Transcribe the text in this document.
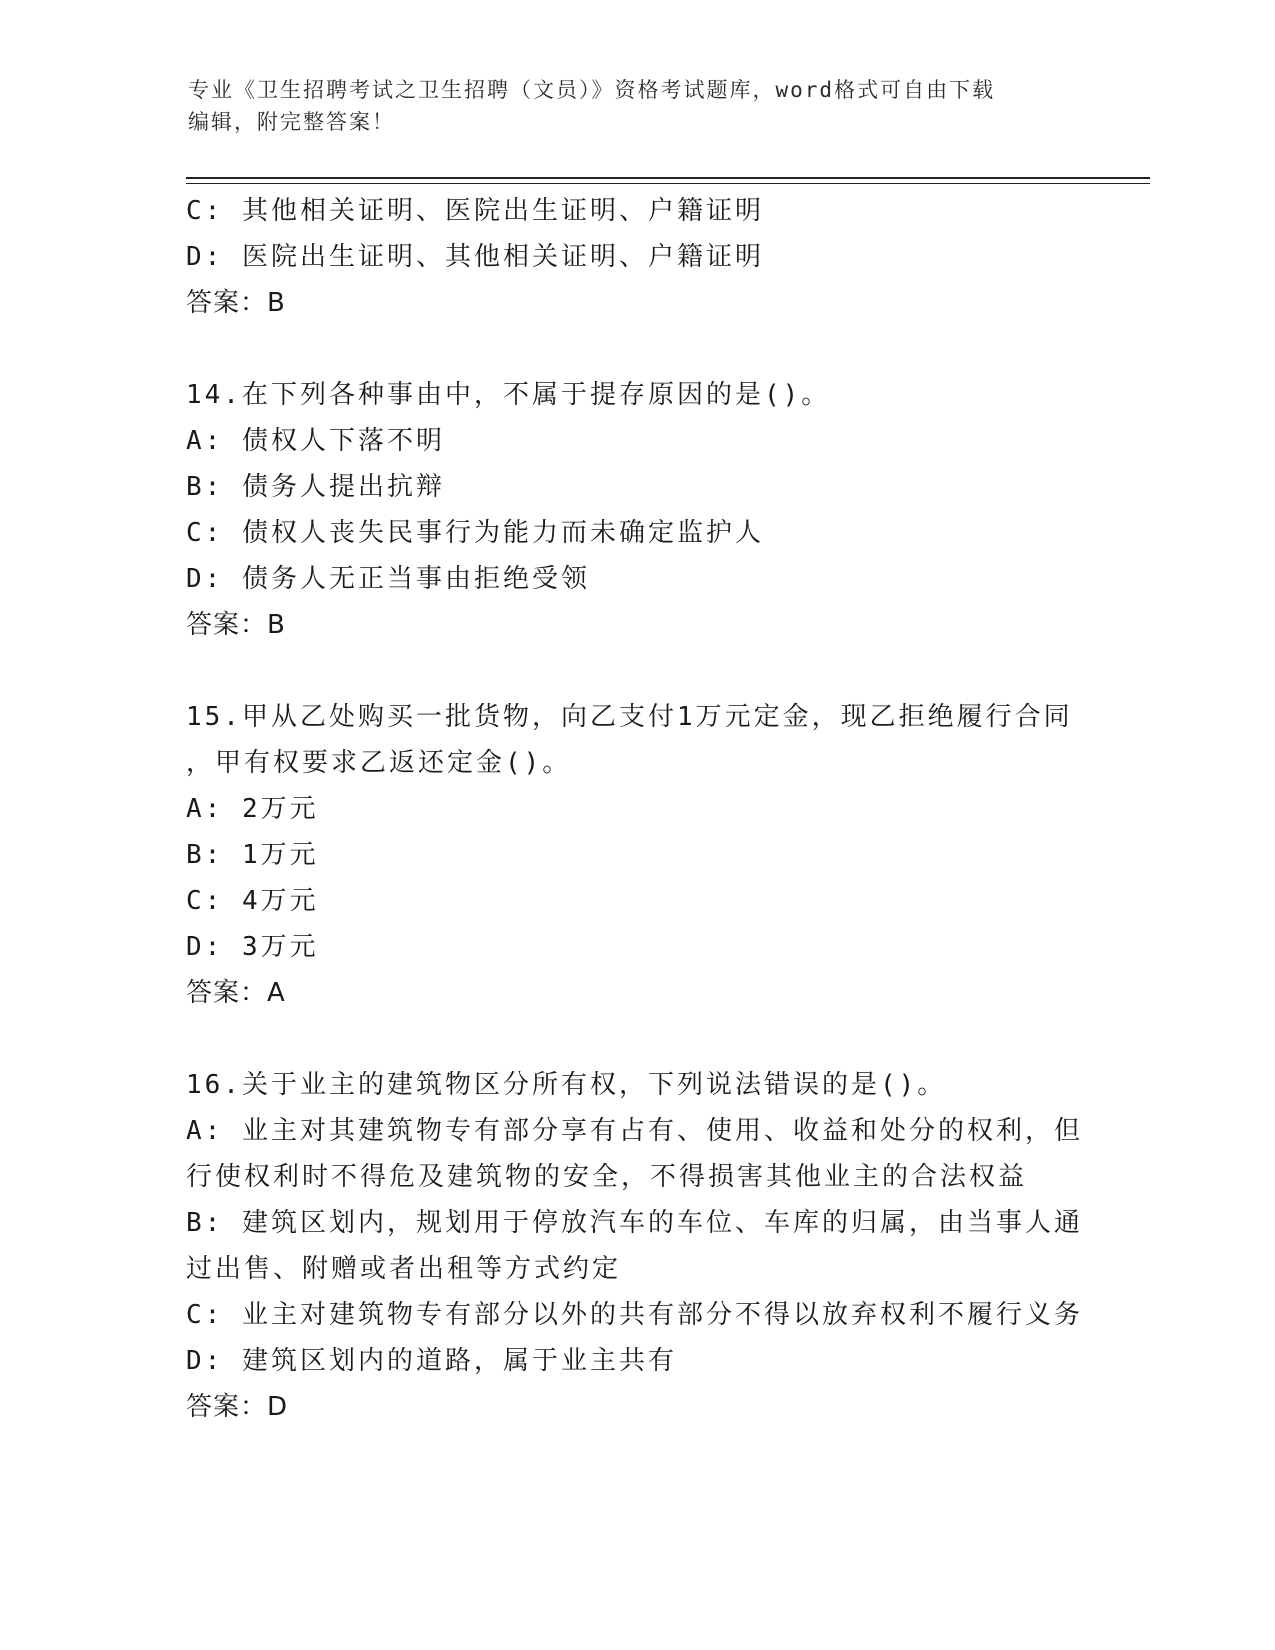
专业《卫生招聘考试之卫生招聘（文员）》资格考试题库，word格式可自由下载
编辑，附完整答案！
C: 其他相关证明、医院出生证明、户籍证明
D: 医院出生证明、其他相关证明、户籍证明
答案：B
14.在下列各种事由中，不属于提存原因的是()。
A: 债权人下落不明
B: 债务人提出抗辩
C: 债权人丧失民事行为能力而未确定监护人
D: 债务人无正当事由拒绝受领
答案：B
15.甲从乙处购买一批货物，向乙支付1万元定金，现乙拒绝履行合同
，甲有权要求乙返还定金()。
A: 2万元
B: 1万元
C: 4万元
D: 3万元
答案：A
16.关于业主的建筑物区分所有权，下列说法错误的是()。
A: 业主对其建筑物专有部分享有占有、使用、收益和处分的权利，但
行使权利时不得危及建筑物的安全，不得损害其他业主的合法权益
B: 建筑区划内，规划用于停放汽车的车位、车库的归属，由当事人通
过出售、附赠或者出租等方式约定
C: 业主对建筑物专有部分以外的共有部分不得以放弃权利不履行义务
D: 建筑区划内的道路，属于业主共有
答案：D
